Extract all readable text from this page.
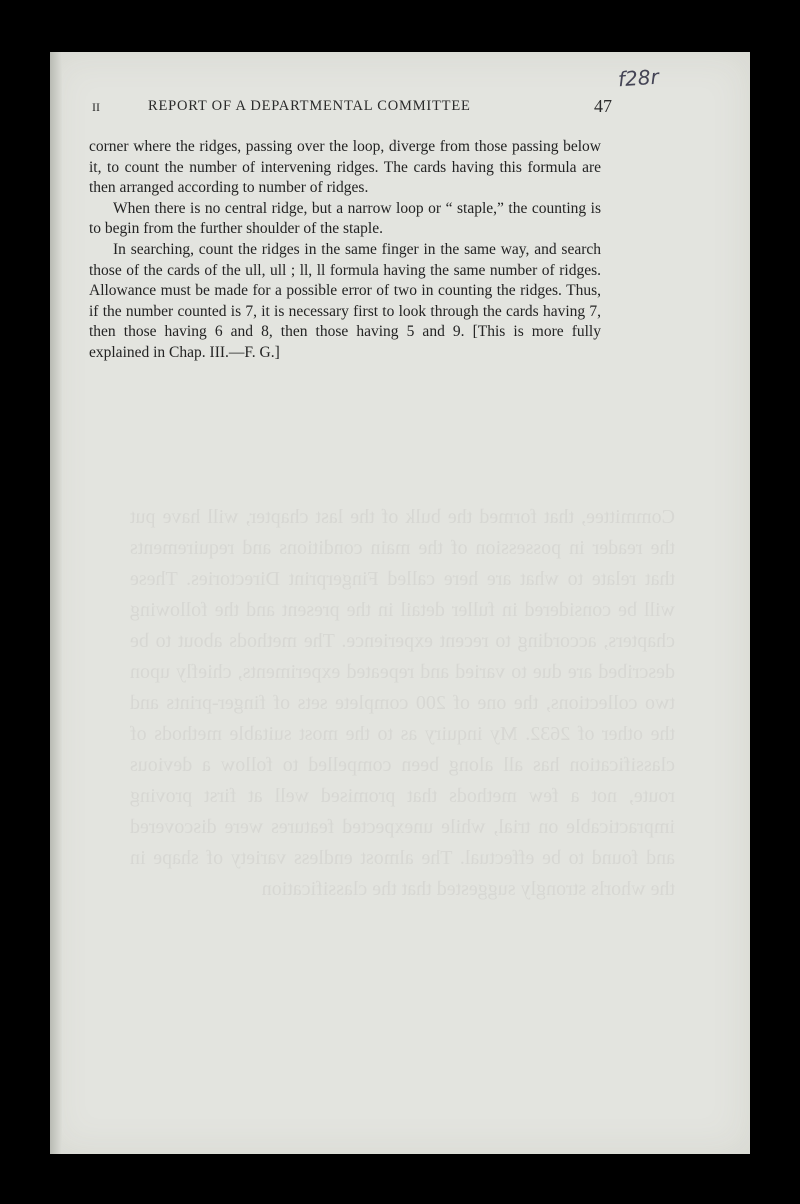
Committee, that formed the bulk of the last chapter, will have put the reader in possession of the main conditions and requirements that relate to what are here called Fingerprint Directories. These will be considered in fuller detail in the present and the following chapters, according to recent experience. The methods about to be described are due to varied and repeated experiments, chiefly upon two collections, the one of 200 complete sets of finger-prints and the other of 2632. My inquiry as to the most suitable methods of classification has all along been compelled to follow a devious route, not a few methods that promised well at first proving impracticable on trial, while unexpected features were discovered and found to be effectual. The almost endless variety of shape in the whorls strongly suggested that the classification
f28r
II	REPORT OF A DEPARTMENTAL COMMITTEE	47

corner where the ridges, passing over the loop, diverge from those passing below it, to count the number of intervening ridges. The cards having this formula are then arranged according to number of ridges.

When there is no central ridge, but a narrow loop or “ staple,” the counting is to begin from the further shoulder of the staple.

In searching, count the ridges in the same finger in the same way, and search those of the cards of the ull, ull ; ll, ll formula having the same number of ridges. Allowance must be made for a possible error of two in counting the ridges. Thus, if the number counted is 7, it is necessary first to look through the cards having 7, then those having 6 and 8, then those having 5 and 9. [This is more fully explained in Chap. III.—F. G.]
